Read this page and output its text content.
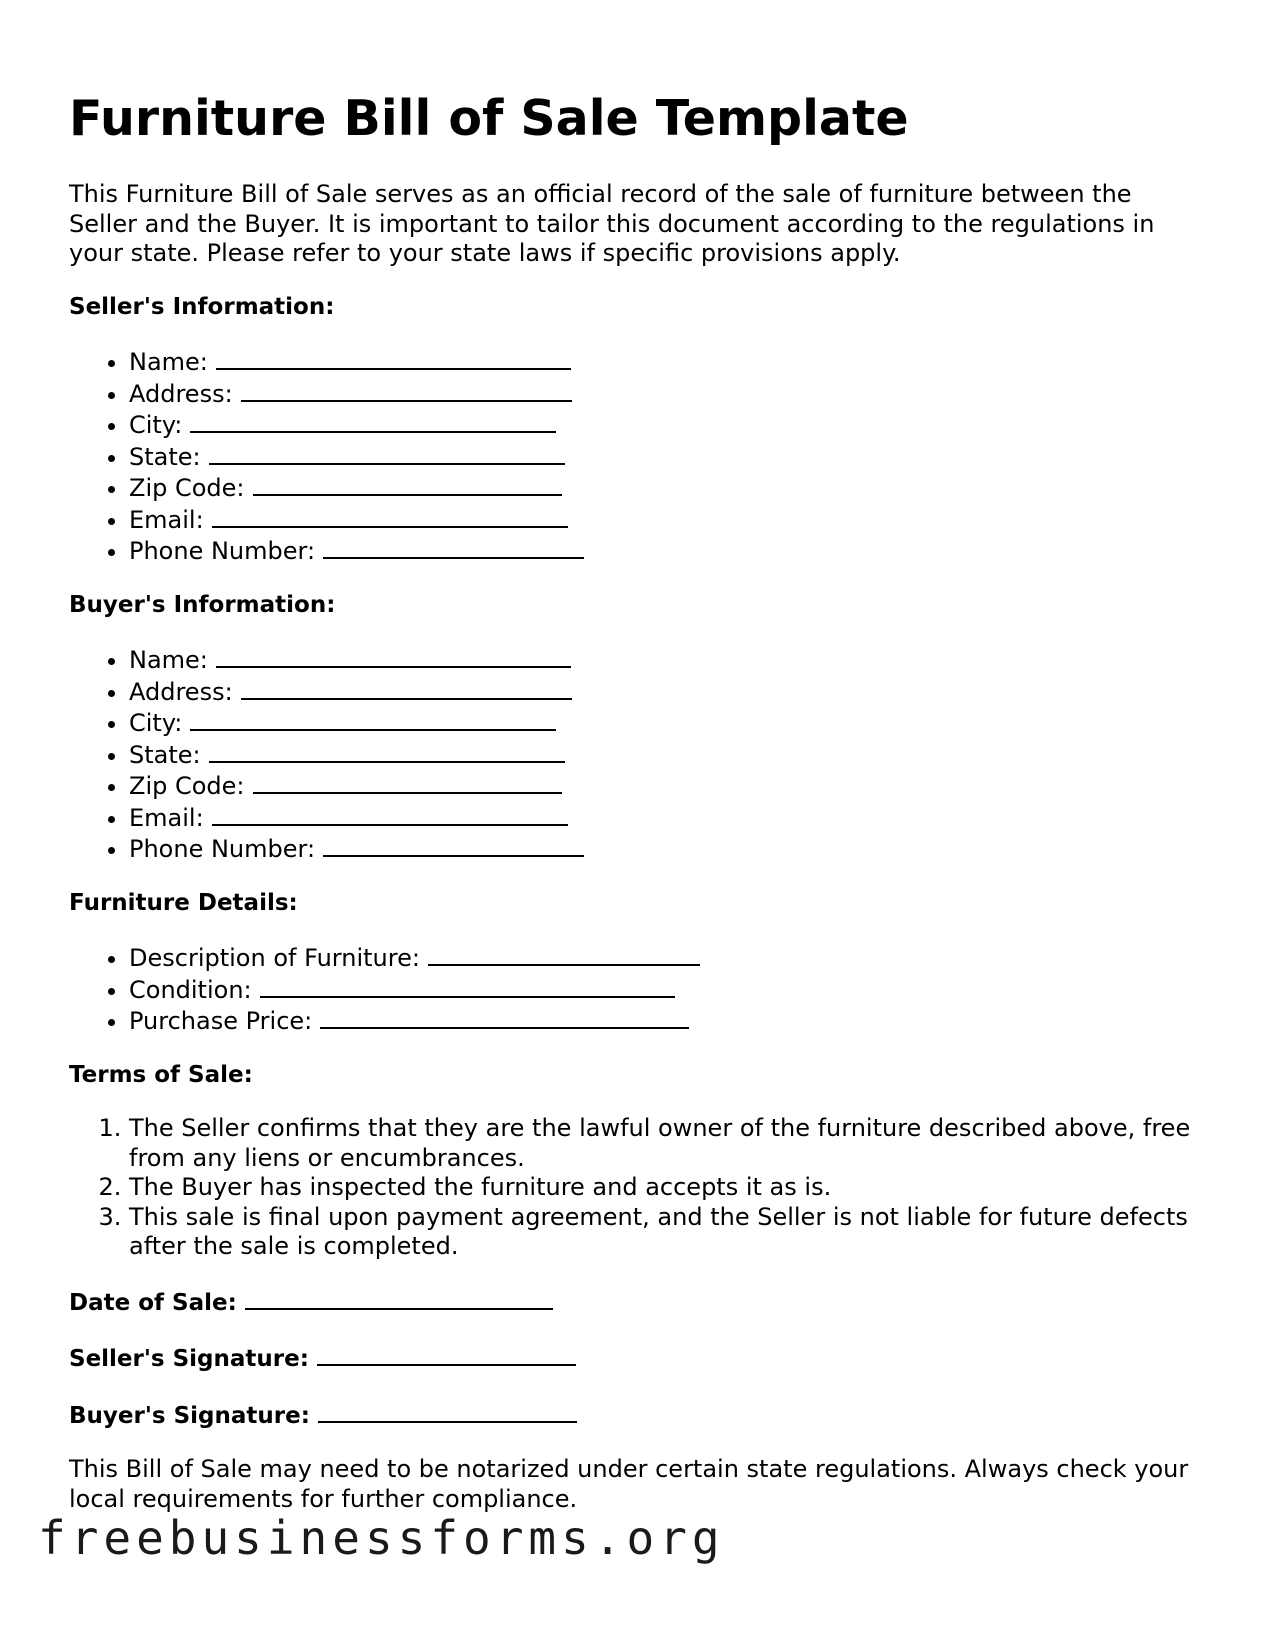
Furniture Bill of Sale Template

This Furniture Bill of Sale serves as an official record of the sale of furniture between the Seller and the Buyer. It is important to tailor this document according to the regulations in your state. Please refer to your state laws if specific provisions apply.

Seller's Information:
• Name:
• Address:
• City:
• State:
• Zip Code:
• Email:
• Phone Number:
Buyer's Information:
• Name:
• Address:
• City:
• State:
• Zip Code:
• Email:
• Phone Number:
Furniture Details:
• Description of Furniture:
• Condition:
• Purchase Price:
Terms of Sale:
1. The Seller confirms that they are the lawful owner of the furniture described above, free from any liens or encumbrances.
2. The Buyer has inspected the furniture and accepts it as is.
3. This sale is final upon payment agreement, and the Seller is not liable for future defects after the sale is completed.
Date of Sale:
Seller's Signature:
Buyer's Signature:

This Bill of Sale may need to be notarized under certain state regulations. Always check your local requirements for further compliance.

freebusinessforms.org
